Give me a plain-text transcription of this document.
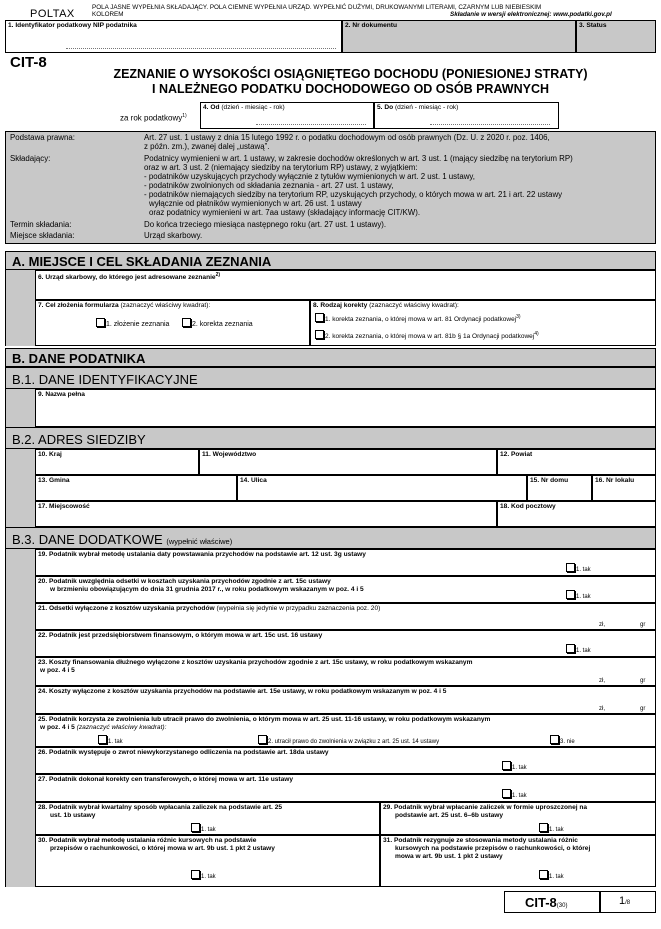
POLTAX
POLA JASNE WYPEŁNIA SKŁADAJĄCY. POLA CIEMNE WYPEŁNIA URZĄD. WYPEŁNIĆ DUŻYMI, DRUKOWANYMI LITERAMI, CZARNYM LUB NIEBIESKIM
KOLOREM	Składanie w wersji elektronicznej: www.podatki.gov.pl
1. Identyfikator podatkowy NIP podatnika	2. Nr dokumentu	3. Status
CIT-8
ZEZNANIE O WYSOKOŚCI OSIĄGNIĘTEGO DOCHODU (PONIESIONEJ STRATY)
I NALEŻNEGO PODATKU DOCHODOWEGO OD OSÓB PRAWNYCH
za rok podatkowy$^{1)}$
4. Od (dzień - miesiąc - rok)	5. Do (dzień - miesiąc - rok)
Podstawa prawna:	Art. 27 ust. 1 ustawy z dnia 15 lutego 1992 r. o podatku dochodowym od osób prawnych (Dz. U. z 2020 r. poz. 1406,
z późn. zm.), zwanej dalej „ustawą”.
Składający:	Podatnicy wymienieni w art. 1 ustawy, w zakresie dochodów określonych w art. 3 ust. 1 (mający siedzibę na terytorium RP)
oraz w art. 3 ust. 2 (niemający siedziby na terytorium RP) ustawy, z wyjątkiem:
- podatników uzyskujących przychody wyłącznie z tytułów wymienionych w art. 2 ust. 1 ustawy,
- podatników zwolnionych od składania zeznania - art. 27 ust. 1 ustawy,
- podatników niemających siedziby na terytorium RP, uzyskujących przychody, o których mowa w art. 21 i art. 22 ustawy
wyłącznie od płatników wymienionych w art. 26 ust. 1 ustawy
oraz podatnicy wymienieni w art. 7aa ustawy (składający informację CIT/KW).
Termin składania:	Do końca trzeciego miesiąca następnego roku (art. 27 ust. 1 ustawy).
Miejsce składania:	Urząd skarbowy.
A. MIEJSCE I CEL SKŁADANIA ZEZNANIA
6. Urząd skarbowy, do którego jest adresowane zeznanie$^{2)}$
7. Cel złożenia formularza (zaznaczyć właściwy kwadrat):
1. złożenie zeznania	2. korekta zeznania
8. Rodzaj korekty (zaznaczyć właściwy kwadrat):
1. korekta zeznania, o której mowa w art. 81 Ordynacji podatkowej$^{3)}$
2. korekta zeznania, o której mowa w art. 81b § 1a Ordynacji podatkowej$^{4)}$
B. DANE PODATNIKA
B.1. DANE IDENTYFIKACYJNE
9. Nazwa pełna
B.2. ADRES SIEDZIBY
10. Kraj	11. Województwo	12. Powiat
13. Gmina	14. Ulica	15. Nr domu	16. Nr lokalu
17. Miejscowość	18. Kod pocztowy
B.3. DANE DODATKOWE (wypełnić właściwe)
19. Podatnik wybrał metodę ustalania daty powstawania przychodów na podstawie art. 12 ust. 3g ustawy
1. tak
20. Podatnik uwzględnia odsetki w kosztach uzyskania przychodów zgodnie z art. 15c ustawy
w brzmieniu obowiązującym do dnia 31 grudnia 2017 r., w roku podatkowym wskazanym w poz. 4 i 5
1. tak
21. Odsetki wyłączone z kosztów uzyskania przychodów (wypełnia się jedynie w przypadku zaznaczenia poz. 20)
zł,	gr
22. Podatnik jest przedsiębiorstwem finansowym, o którym mowa w art. 15c ust. 16 ustawy
1. tak
23. Koszty finansowania dłużnego wyłączone z kosztów uzyskania przychodów zgodnie z art. 15c ustawy, w roku podatkowym wskazanym
w poz. 4 i 5
zł,	gr
24. Koszty wyłączone z kosztów uzyskania przychodów na podstawie art. 15e ustawy, w roku podatkowym wskazanym w poz. 4 i 5
zł,	gr
25. Podatnik korzysta ze zwolnienia lub utracił prawo do zwolnienia, o którym mowa w art. 25 ust. 11-16 ustawy, w roku podatkowym wskazanym
w poz. 4 i 5 (zaznaczyć właściwy kwadrat):
1. tak	2. utracił prawo do zwolnienia w związku z art. 25 ust. 14 ustawy	3. nie
26. Podatnik występuje o zwrot niewykorzystanego odliczenia na podstawie art. 18da ustawy
1. tak
27. Podatnik dokonał korekty cen transferowych, o której mowa w art. 11e ustawy
1. tak
28. Podatnik wybrał kwartalny sposób wpłacania zaliczek na podstawie art. 25
ust. 1b ustawy
1. tak
29. Podatnik wybrał wpłacanie zaliczek w formie uproszczonej na
podstawie art. 25 ust. 6–6b ustawy
1. tak
30. Podatnik wybrał metodę ustalania różnic kursowych na podstawie
przepisów o rachunkowości, o której mowa w art. 9b ust. 1 pkt 2 ustawy
1. tak
31. Podatnik rezygnuje ze stosowania metody ustalania różnic
kursowych na podstawie przepisów o rachunkowości, o której
mowa w art. 9b ust. 1 pkt 2 ustawy
1. tak
CIT-8(30)	1/8
